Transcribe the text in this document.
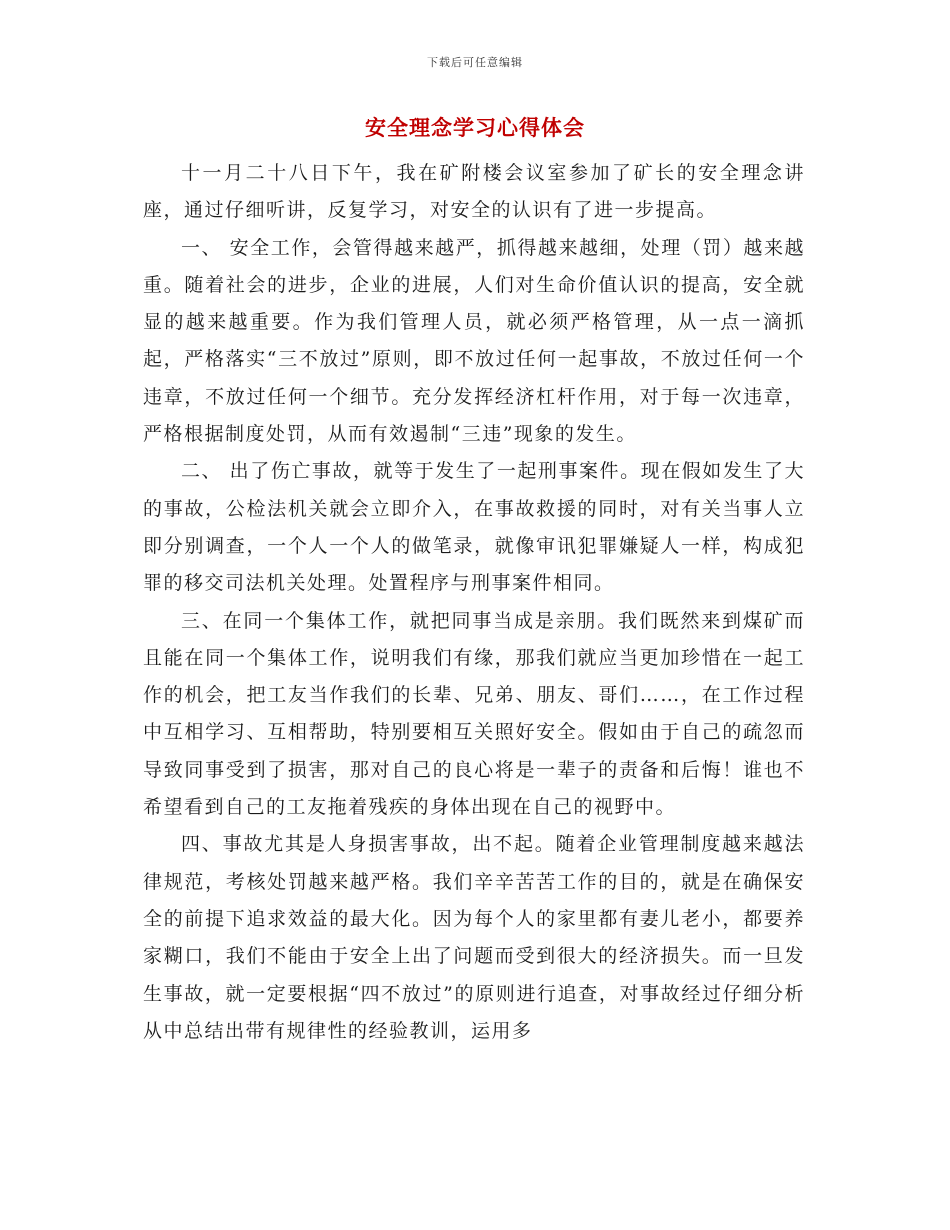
下载后可任意编辑
安全理念学习心得体会

十一月二十八日下午，我在矿附楼会议室参加了矿长的安全理念讲座，通过仔细听讲，反复学习，对安全的认识有了进一步提高。

一、 安全工作，会管得越来越严，抓得越来越细，处理（罚）越来越重。随着社会的进步，企业的进展，人们对生命价值认识的提高，安全就显的越来越重要。作为我们管理人员，就必须严格管理，从一点一滴抓起，严格落实“三不放过”原则，即不放过任何一起事故，不放过任何一个违章，不放过任何一个细节。充分发挥经济杠杆作用，对于每一次违章，严格根据制度处罚，从而有效遏制“三违”现象的发生。

二、 出了伤亡事故，就等于发生了一起刑事案件。现在假如发生了大的事故，公检法机关就会立即介入，在事故救援的同时，对有关当事人立即分别调查，一个人一个人的做笔录，就像审讯犯罪嫌疑人一样，构成犯罪的移交司法机关处理。处置程序与刑事案件相同。

三、在同一个集体工作，就把同事当成是亲朋。我们既然来到煤矿而且能在同一个集体工作，说明我们有缘，那我们就应当更加珍惜在一起工作的机会，把工友当作我们的长辈、兄弟、朋友、哥们……，在工作过程中互相学习、互相帮助，特别要相互关照好安全。假如由于自己的疏忽而导致同事受到了损害，那对自己的良心将是一辈子的责备和后悔！谁也不希望看到自己的工友拖着残疾的身体出现在自己的视野中。

四、事故尤其是人身损害事故，出不起。随着企业管理制度越来越法律规范，考核处罚越来越严格。我们辛辛苦苦工作的目的，就是在确保安全的前提下追求效益的最大化。因为每个人的家里都有妻儿老小，都要养家糊口，我们不能由于安全上出了问题而受到很大的经济损失。而一旦发生事故，就一定要根据“四不放过”的原则进行追查，对事故经过仔细分析从中总结出带有规律性的经验教训，运用多
